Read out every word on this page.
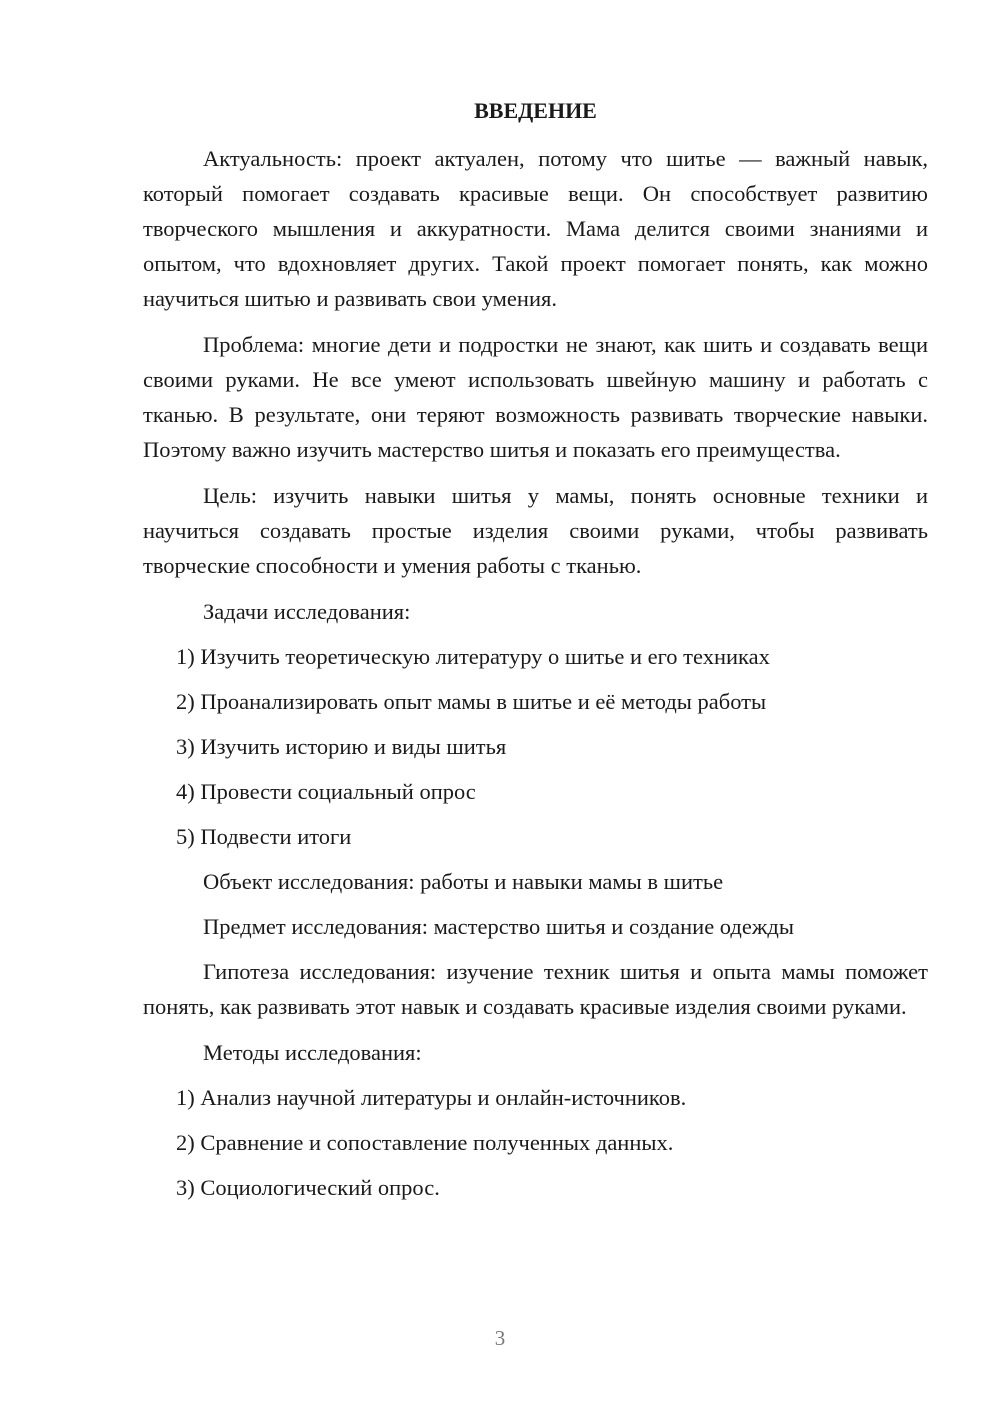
ВВЕДЕНИЕ

Актуальность: проект актуален, потому что шитье — важный навык, который помогает создавать красивые вещи. Он способствует развитию творческого мышления и аккуратности. Мама делится своими знаниями и опытом, что вдохновляет других. Такой проект помогает понять, как можно научиться шитью и развивать свои умения.

Проблема: многие дети и подростки не знают, как шить и создавать вещи своими руками. Не все умеют использовать швейную машину и работать с тканью. В результате, они теряют возможность развивать творческие навыки. Поэтому важно изучить мастерство шитья и показать его преимущества.

Цель: изучить навыки шитья у мамы, понять основные техники и научиться создавать простые изделия своими руками, чтобы развивать творческие способности и умения работы с тканью.

Задачи исследования:

1) Изучить теоретическую литературу о шитье и его техниках
2) Проанализировать опыт мамы в шитье и её методы работы
3) Изучить историю и виды шитья
4) Провести социальный опрос
5) Подвести итоги

Объект исследования: работы и навыки мамы в шитье

Предмет исследования: мастерство шитья и создание одежды

Гипотеза исследования: изучение техник шитья и опыта мамы поможет понять, как развивать этот навык и создавать красивые изделия своими руками.

Методы исследования:

1) Анализ научной литературы и онлайн-источников.
2) Сравнение и сопоставление полученных данных.
3) Социологический опрос.
3
